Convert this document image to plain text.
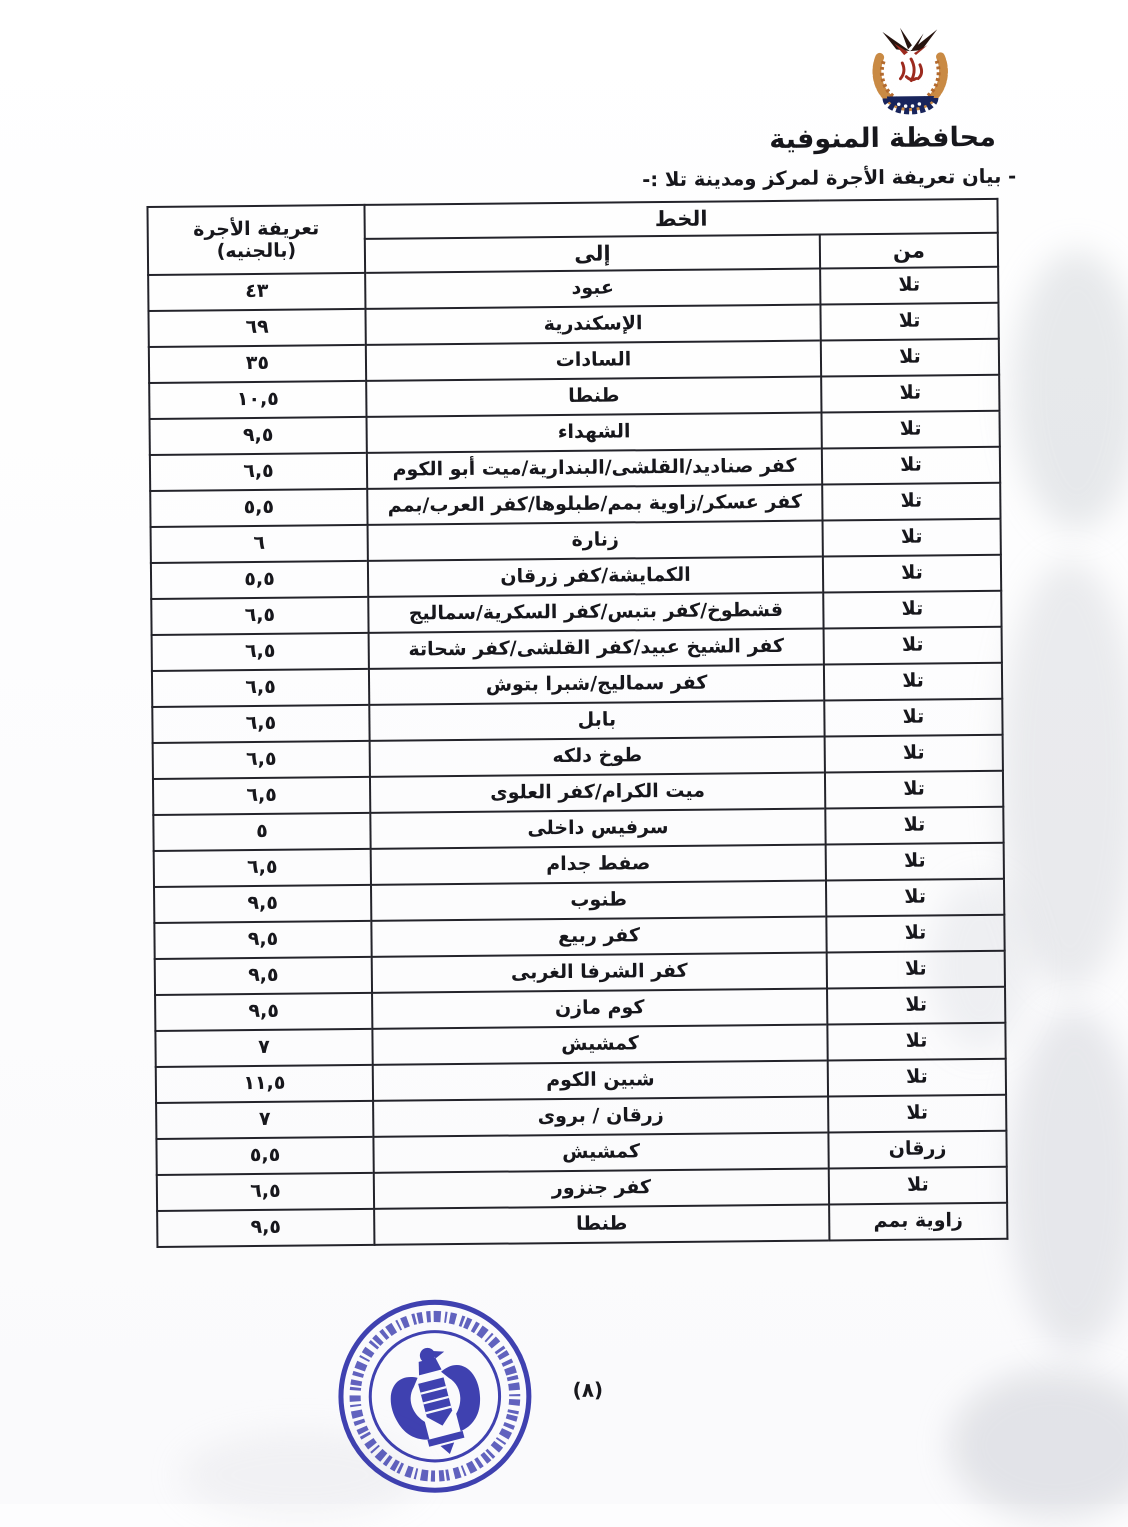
محافظة المنوفية
- بيان تعريفة الأجرة لمركز ومدينة تلا :-
الخط		تعريفة الأجرة (بالجنيه)
من	إلى	
تلا	عبود	٤٣
تلا	الإسكندرية	٦٩
تلا	السادات	٣٥
تلا	طنطا	١٠,٥
تلا	الشهداء	٩,٥
تلا	كفر صناديد/القلشى/البندارية/ميت أبو الكوم	٦,٥
تلا	كفر عسكر/زاوية بمم/طبلوها/كفر العرب/بمم	٥,٥
تلا	زنارة	٦
تلا	الكمايشة/كفر زرقان	٥,٥
تلا	قشطوخ/كفر بتبس/كفر السكرية/سماليج	٦,٥
تلا	كفر الشيخ عبيد/كفر القلشى/كفر شحاتة	٦,٥
تلا	كفر سماليج/شبرا بتوش	٦,٥
تلا	بابل	٦,٥
تلا	طوخ دلكه	٦,٥
تلا	ميت الكرام/كفر العلوى	٦,٥
تلا	سرفيس داخلى	٥
تلا	صفط جدام	٦,٥
تلا	طنوب	٩,٥
تلا	كفر ربيع	٩,٥
تلا	كفر الشرفا الغربى	٩,٥
تلا	كوم مازن	٩,٥
تلا	كمشيش	٧
تلا	شبين الكوم	١١,٥
تلا	زرقان / بروى	٧
زرقان	كمشيش	٥,٥
تلا	كفر جنزور	٦,٥
زاوية بمم	طنطا	٩,٥
(٨)
